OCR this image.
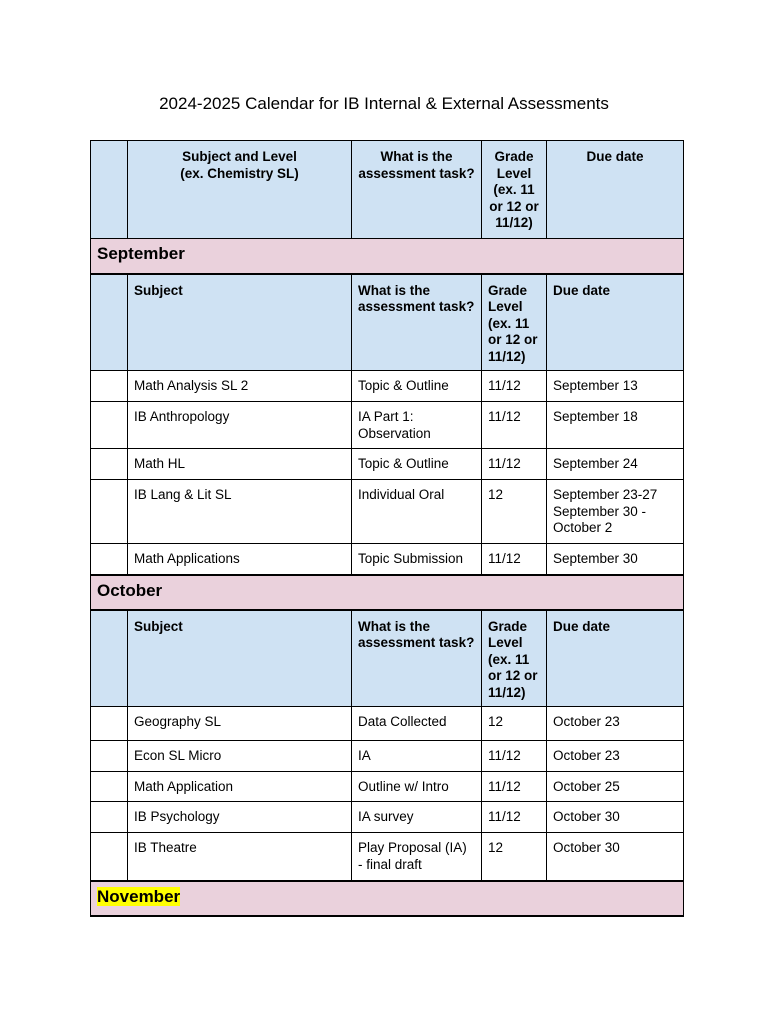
2024-2025 Calendar for IB Internal & External Assessments
	Subject and Level
(ex. Chemistry SL)	What is the assessment task?	Grade Level (ex. 11 or 12 or 11/12)	Due date
September				
	Subject	What is the assessment task?	Grade Level (ex. 11 or 12 or 11/12)	Due date
	Math Analysis SL 2	Topic & Outline	11/12	September 13
	IB Anthropology	IA Part 1: Observation	11/12	September 18
	Math HL	Topic & Outline	11/12	September 24
	IB Lang & Lit SL	Individual Oral	12	September 23-27
September 30 - October 2
	Math Applications	Topic Submission	11/12	September 30
October				
	Subject	What is the assessment task?	Grade Level (ex. 11 or 12 or 11/12)	Due date
	Geography SL	Data Collected	12	October 23
	Econ SL Micro	IA	11/12	October 23
	Math Application	Outline w/ Intro	11/12	October 25
	IB Psychology	IA survey	11/12	October 30
	IB Theatre	Play Proposal (IA) - final draft	12	October 30
November				
